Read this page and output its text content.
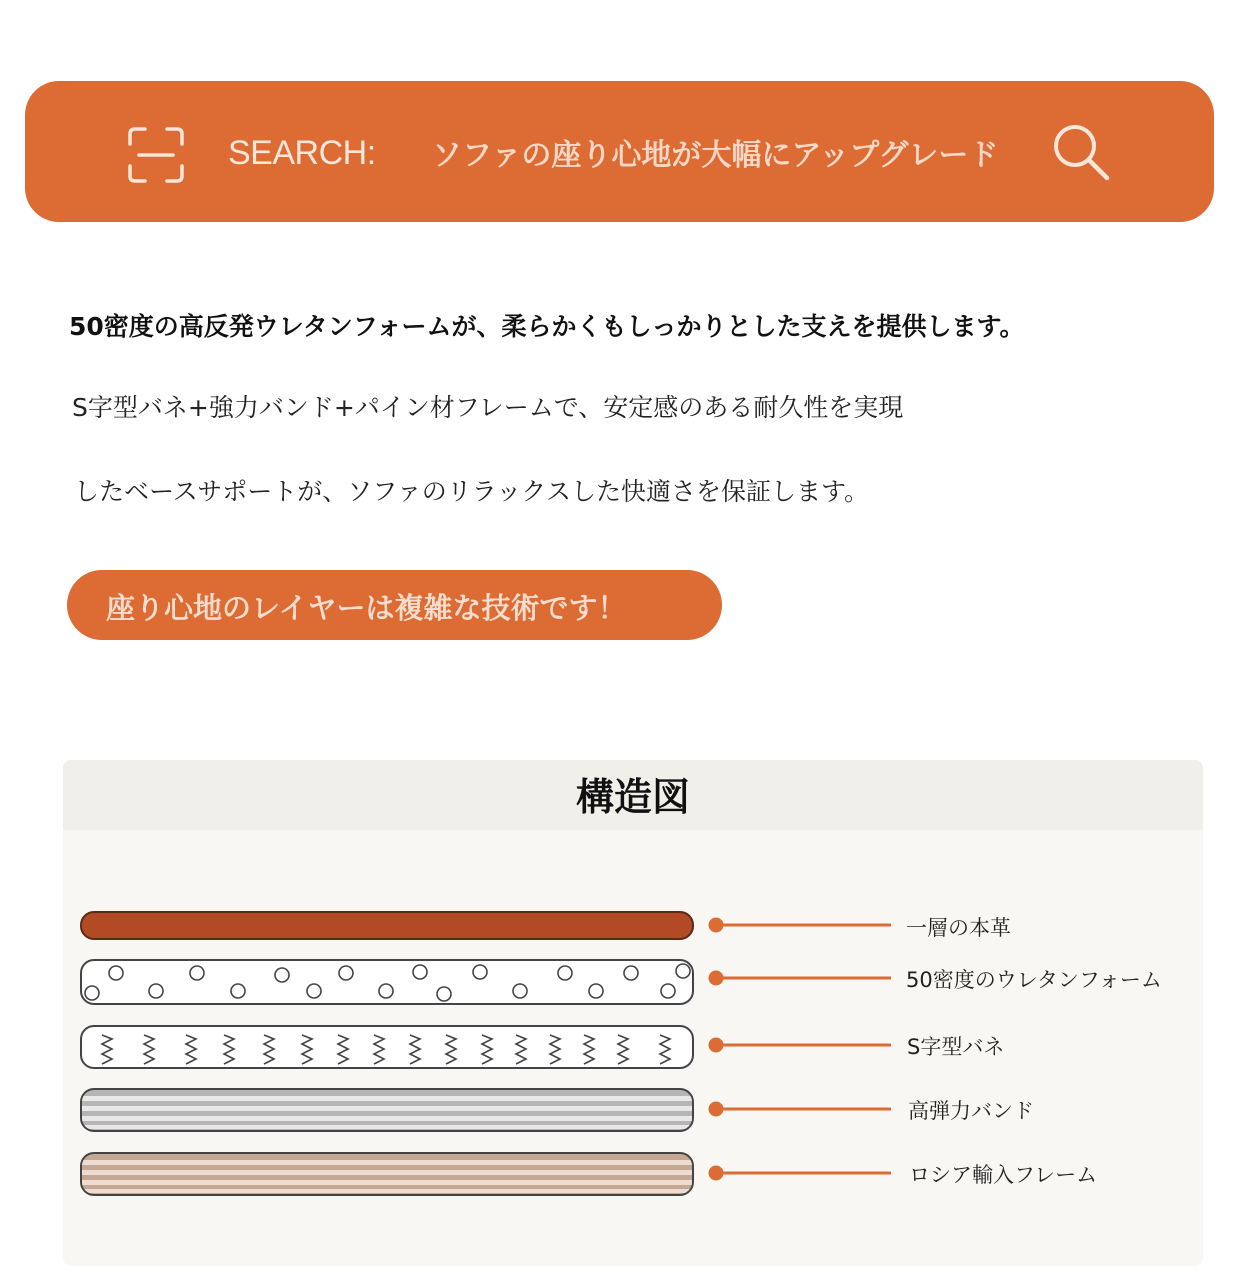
SEARCH: ソファの座り心地が大幅にアップグレード
50密度の高反発ウレタンフォームが、柔らかくもしっかりとした支えを提供します。
S字型バネ+強力バンド+パイン材フレームで、安定感のある耐久性を実現
したベースサポートが、ソファのリラックスした快適さを保証します。
座り心地のレイヤーは複雑な技術です！
構造図
一層の本革
50密度のウレタンフォーム
S字型バネ
高弾力バンド
ロシア輸入フレーム
